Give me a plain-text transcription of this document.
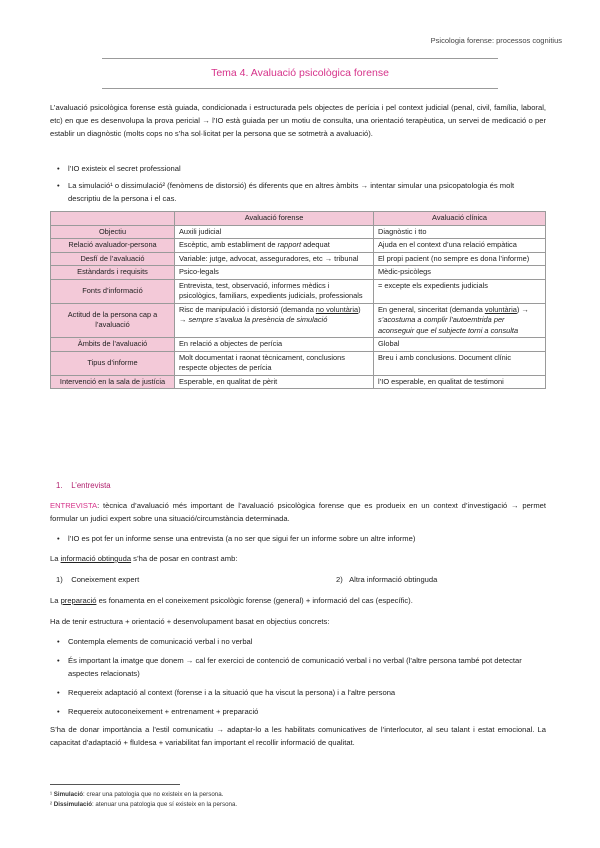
Psicologia forense: processos cognitius
Tema 4. Avaluació psicològica forense
L’avaluació psicològica forense està guiada, condicionada i estructurada pels objectes de perícia i pel context judicial (penal, civil, família, laboral, etc) en que es desenvolupa la prova pericial → l’IO està guiada per un motiu de consulta, una orientació terapèutica, un servei de medicació o per establir un diagnòstic (molts cops no s’ha sol·licitat per la persona que se sotmetrà a avaluació).
• l’IO existeix el secret professional
• La simulació¹ o dissimulació² (fenòmens de distorsió) és diferents que en altres àmbits → intentar simular una psicopatologia és molt descriptiu de la persona i el cas.
	Avaluació forense	Avaluació clínica
Objectiu	Auxili judicial	Diagnòstic i tto
Relació avaluador-persona	Escèptic, amb establiment de rapport adequat	Ajuda en el context d’una relació empàtica
Desfí de l’avaluació	Variable: jutge, advocat, asseguradores, etc → tribunal	El propi pacient (no sempre es dona l’informe)
Estàndards i requisits	Psico-legals	Mèdic-psicòlegs
Fonts d’informació	Entrevista, test, observació, informes mèdics i psicològics, familiars, expedients judicials, professionals	= excepte els expedients judicials
Actitud de la persona cap a l’avaluació	Risc de manipulació i distorsió (demanda no voluntària) → sempre s’avalua la presència de simulació	En general, sinceritat (demanda voluntària) → s’acostuma a complir l’autoemtrida per aconseguir que el subjecte torni a consulta
Àmbits de l’avaluació	En relació a objectes de perícia	Global
Tipus d’informe	Molt documentat i raonat tècnicament, conclusions respecte objectes de perícia	Breu i amb conclusions. Document clínic
Intervenció en la sala de justícia	Esperable, en qualitat de pèrit	l’IO esperable, en qualitat de testimoni
1. L’entrevista
ENTREVISTA: tècnica d’avaluació més important de l’avaluació psicològica forense que es produeix en un context d’investigació → permet formular un judici expert sobre una situació/circumstància determinada.
• l’IO es pot fer un informe sense una entrevista (a no ser que sigui fer un informe sobre un altre informe)
La informació obtinguda s’ha de posar en contrast amb:
1) Coneixement expert	2) Altra informació obtinguda
La preparació es fonamenta en el coneixement psicològic forense (general) + informació del cas (específic).
Ha de tenir estructura + orientació + desenvolupament basat en objectius concrets:
• Contempla elements de comunicació verbal i no verbal
• És important la imatge que donem → cal fer exercici de contenció de comunicació verbal i no verbal (l’altre persona també pot detectar aspectes relacionats)
• Requereix adaptació al context (forense i a la situació que ha viscut la persona) i a l’altre persona
• Requereix autoconeixement + entrenament + preparació
S’ha de donar importància a l’estil comunicatiu → adaptar-lo a les habilitats comunicatives de l’interlocutor, al seu talant i estat emocional. La capacitat d’adaptació + fluïdesa + variabilitat fan important el recollir informació de qualitat.
¹ Simulació: crear una patologia que no existeix en la persona.
² Dissimulació: atenuar una patologia que sí existeix en la persona.
